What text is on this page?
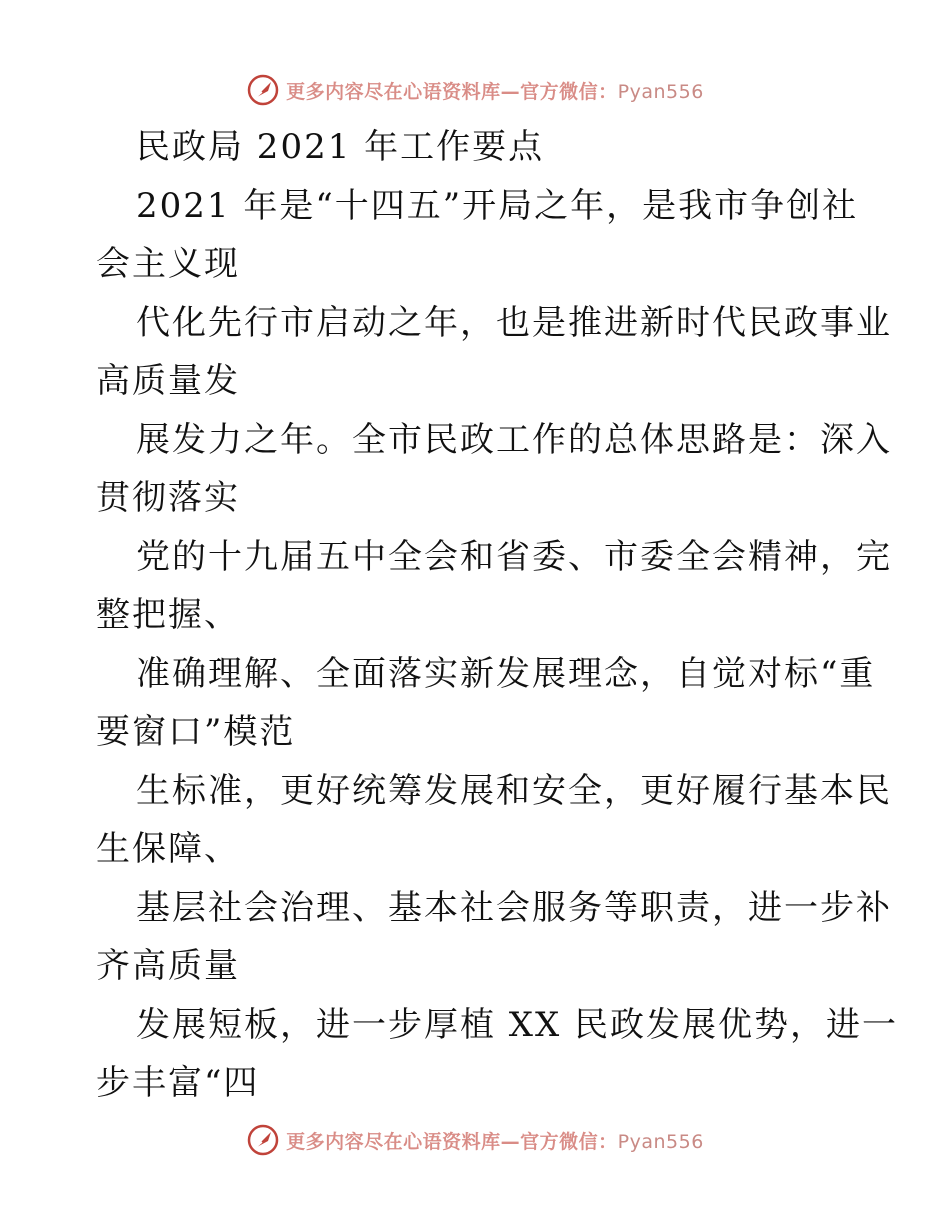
更多内容尽在心语资料库—官方微信：Pyan556
民政局 2021 年工作要点
2021 年是“十四五”开局之年，是我市争创社
会主义现
代化先行市启动之年，也是推进新时代民政事业
高质量发
展发力之年。全市民政工作的总体思路是：深入
贯彻落实
党的十九届五中全会和省委、市委全会精神，完
整把握、
准确理解、全面落实新发展理念，自觉对标“重
要窗口”模范
生标准，更好统筹发展和安全，更好履行基本民
生保障、
基层社会治理、基本社会服务等职责，进一步补
齐高质量
发展短板，进一步厚植 XX 民政发展优势，进一
步丰富“四
更多内容尽在心语资料库—官方微信：Pyan556
